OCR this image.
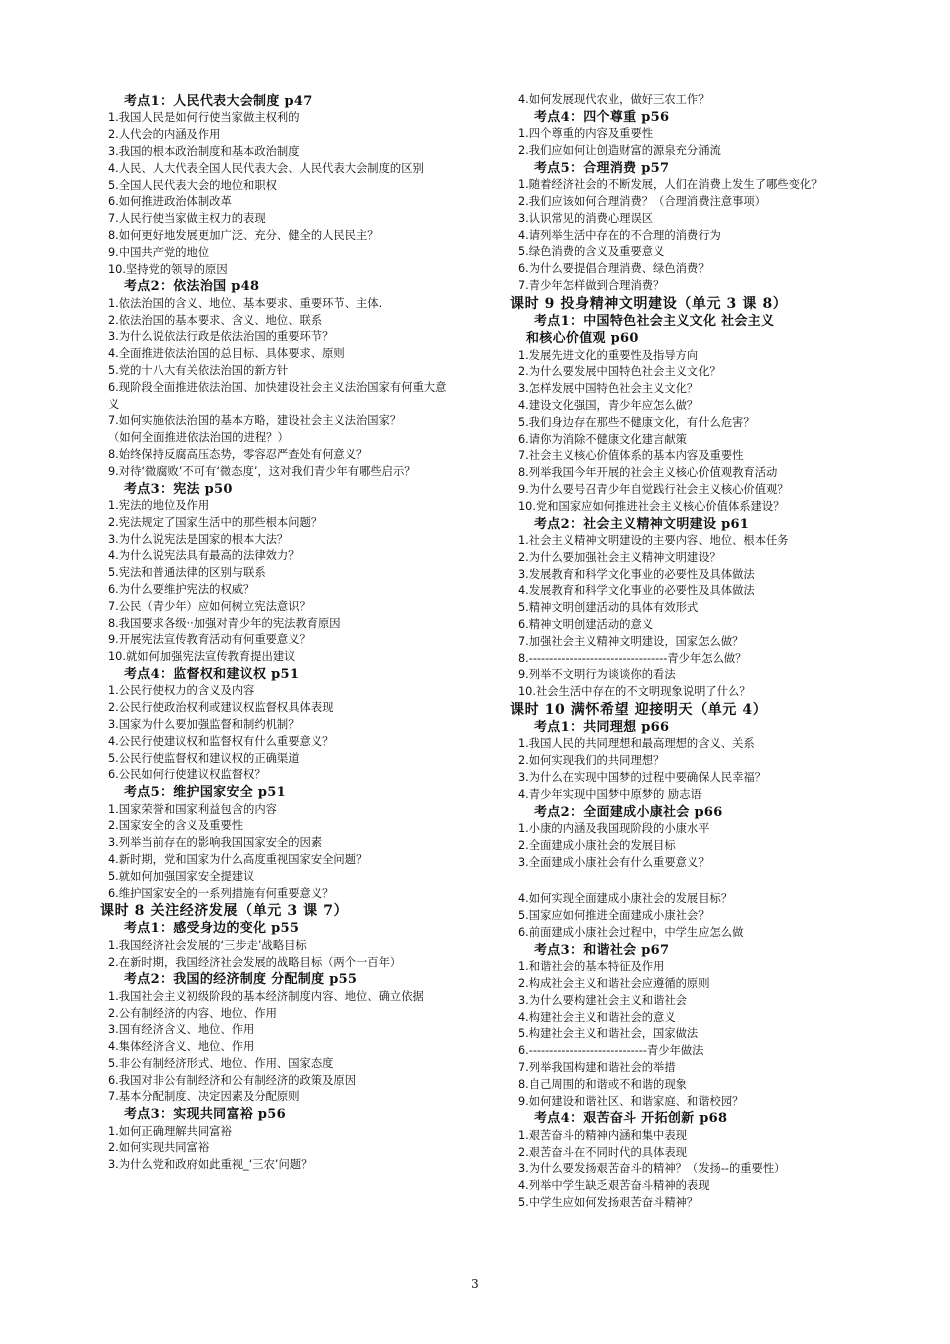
考点1：人民代表大会制度 p47
1.我国人民是如何行使当家做主权利的
2.人代会的内涵及作用
3.我国的根本政治制度和基本政治制度
4.人民、人大代表全国人民代表大会、人民代表大会制度的区别
5.全国人民代表大会的地位和职权
6.如何推进政治体制改革
7.人民行使当家做主权力的表现
8.如何更好地发展更加广泛、充分、健全的人民民主？
9.中国共产党的地位
10.坚持党的领导的原因
考点2：依法治国 p48
1.依法治国的含义、地位、基本要求、重要环节、主体.
2.依法治国的基本要求、含义、地位、联系
3.为什么说依法行政是依法治国的重要环节？
4.全面推进依法治国的总目标、具体要求、原则
5.党的十八大有关依法治国的新方针
6.现阶段全面推进依法治国、加快建设社会主义法治国家有何重大意义
7.如何实施依法治国的基本方略，建设社会主义法治国家？
（如何全面推进依法治国的进程？）
8.始终保持反腐高压态势，零容忍严查处有何意义？
9.对待‘微腐败’不可有‘微态度’，这对我们青少年有哪些启示？
考点3：宪法 p50
1.宪法的地位及作用
2.宪法规定了国家生活中的那些根本问题？
3.为什么说宪法是国家的根本大法？
4.为什么说宪法具有最高的法律效力？
5.宪法和普通法律的区别与联系
6.为什么要维护宪法的权威？
7.公民（青少年）应如何树立宪法意识？
8.我国要求各级··加强对青少年的宪法教育原因
9.开展宪法宣传教育活动有何重要意义？
10.就如何加强宪法宣传教育提出建议
考点4：监督权和建议权 p51
1.公民行使权力的含义及内容
2.公民行使政治权利或建议权监督权具体表现
3.国家为什么要加强监督和制约机制？
4.公民行使建议权和监督权有什么重要意义？
5.公民行使监督权和建议权的正确渠道
6.公民如何行使建议权监督权？
考点5：维护国家安全 p51
1.国家荣誉和国家利益包含的内容
2.国家安全的含义及重要性
3.列举当前存在的影响我国国家安全的因素
4.新时期，党和国家为什么高度重视国家安全问题？
5.就如何加强国家安全提建议
6.维护国家安全的一系列措施有何重要意义？
课时 8 关注经济发展（单元 3 课 7）
考点1：感受身边的变化 p55
1.我国经济社会发展的‘三步走’战略目标
2.在新时期，我国经济社会发展的战略目标（两个一百年）
考点2：我国的经济制度 分配制度 p55
1.我国社会主义初级阶段的基本经济制度内容、地位、确立依据
2.公有制经济的内容、地位、作用
3.国有经济含义、地位、作用
4.集体经济含义、地位、作用
5.非公有制经济形式、地位、作用、国家态度
6.我国对非公有制经济和公有制经济的政策及原因
7.基本分配制度、决定因素及分配原则
考点3：实现共同富裕 p56
1.如何正确理解共同富裕
2.如何实现共同富裕
3.为什么党和政府如此重视_‘三农’问题？
4.如何发展现代农业，做好三农工作？
考点4：四个尊重 p56
1.四个尊重的内容及重要性
2.我们应如何让创造财富的源泉充分涌流
考点5：合理消费 p57
1.随着经济社会的不断发展，人们在消费上发生了哪些变化？
2.我们应该如何合理消费？（合理消费注意事项）
3.认识常见的消费心理误区
4.请列举生活中存在的不合理的消费行为
5.绿色消费的含义及重要意义
6.为什么要提倡合理消费、绿色消费？
7.青少年怎样做到合理消费？
课时 9 投身精神文明建设（单元 3 课 8）
考点1：中国特色社会主义文化 社会主义
和核心价值观 p60
1.发展先进文化的重要性及指导方向
2.为什么要发展中国特色社会主义文化？
3.怎样发展中国特色社会主义文化？
4.建设文化强国，青少年应怎么做？
5.我们身边存在那些不健康文化，有什么危害？
6.请你为消除不健康文化建言献策
7.社会主义核心价值体系的基本内容及重要性
8.列举我国今年开展的社会主义核心价值观教育活动
9.为什么要号召青少年自觉践行社会主义核心价值观？
10.党和国家应如何推进社会主义核心价值体系建设？
考点2：社会主义精神文明建设 p61
1.社会主义精神文明建设的主要内容、地位、根本任务
2.为什么要加强社会主义精神文明建设？
3.发展教育和科学文化事业的必要性及具体做法
4.发展教育和科学文化事业的必要性及具体做法
5.精神文明创建活动的具体有效形式
6.精神文明创建活动的意义
7.加强社会主义精神文明建设，国家怎么做？
8.----------------------------------青少年怎么做？
9.列举不文明行为谈谈你的看法
10.社会生活中存在的不文明现象说明了什么？
课时 10 满怀希望 迎接明天（单元 4）
考点1：共同理想 p66
1.我国人民的共同理想和最高理想的含义、关系
2.如何实现我们的共同理想？
3.为什么在实现中国梦的过程中要确保人民幸福？
4.青少年实现中国梦中原梦的 励志语
考点2：全面建成小康社会 p66
1.小康的内涵及我国现阶段的小康水平
2.全面建成小康社会的发展目标
3.全面建成小康社会有什么重要意义？
4.如何实现全面建成小康社会的发展目标？
5.国家应如何推进全面建成小康社会？
6.前面建成小康社会过程中，中学生应怎么做
考点3：和谐社会 p67
1.和谐社会的基本特征及作用
2.构成社会主义和谐社会应遵循的原则
3.为什么要构建社会主义和谐社会
4.构建社会主义和谐社会的意义
5.构建社会主义和谐社会，国家做法
6.-----------------------------青少年做法
7.列举我国构建和谐社会的举措
8.自己周围的和谐或不和谐的现象
9.如何建设和谐社区、和谐家庭、和谐校园？
考点4：艰苦奋斗 开拓创新 p68
1.艰苦奋斗的精神内涵和集中表现
2.艰苦奋斗在不同时代的具体表现
3.为什么要发扬艰苦奋斗的精神？（发扬--的重要性）
4.列举中学生缺乏艰苦奋斗精神的表现
5.中学生应如何发扬艰苦奋斗精神？
3
